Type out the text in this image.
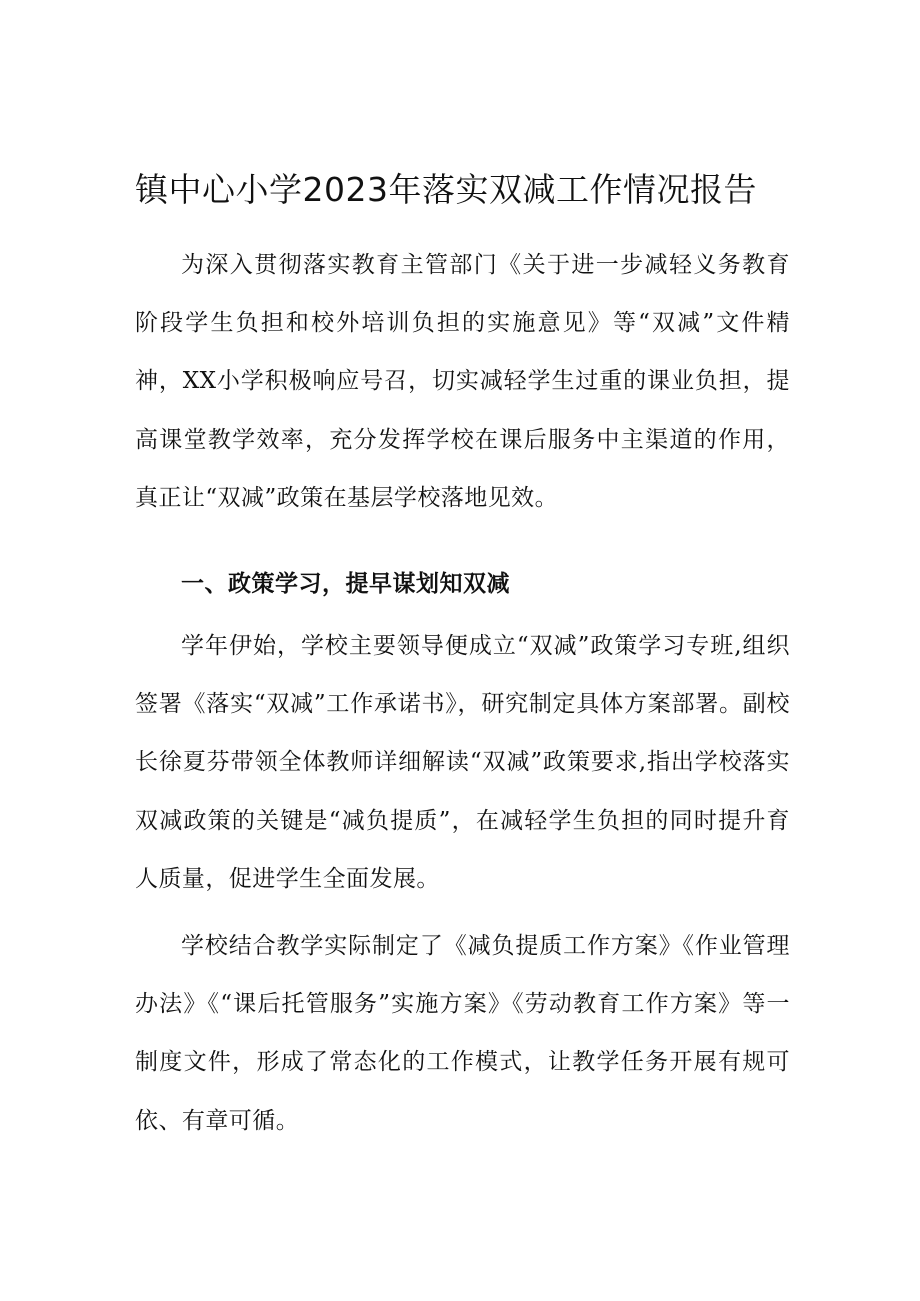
镇中心小学2023年落实双减工作情况报告

为深入贯彻落实教育主管部门《关于进一步减轻义务教育阶段学生负担和校外培训负担的实施意见》等“双减”文件精神，XX小学积极响应号召，切实减轻学生过重的课业负担，提高课堂教学效率，充分发挥学校在课后服务中主渠道的作用，真正让“双减”政策在基层学校落地见效。

一、政策学习，提早谋划知双减

学年伊始，学校主要领导便成立“双减”政策学习专班,组织签署《落实“双减”工作承诺书》，研究制定具体方案部署。副校长徐夏芬带领全体教师详细解读“双减”政策要求,指出学校落实双减政策的关键是“减负提质”，在减轻学生负担的同时提升育人质量，促进学生全面发展。

学校结合教学实际制定了《减负提质工作方案》《作业管理办法》《“课后托管服务”实施方案》《劳动教育工作方案》等一制度文件，形成了常态化的工作模式，让教学任务开展有规可依、有章可循。
